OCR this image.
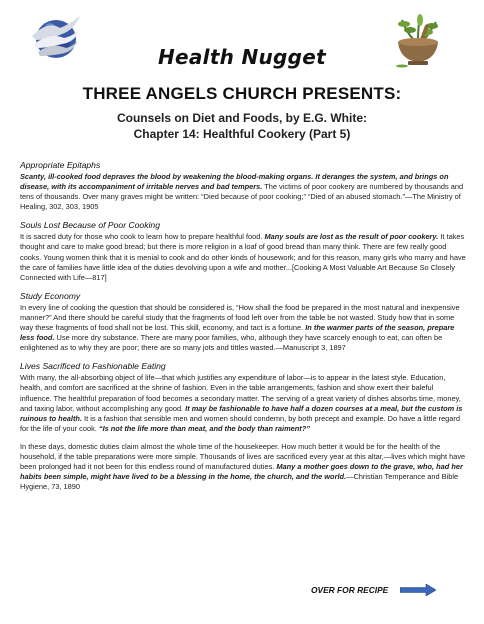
Health Nugget
THREE ANGELS CHURCH PRESENTS:
Counsels on Diet and Foods, by E.G. White:
Chapter 14: Healthful Cookery (Part 5)
Appropriate Epitaphs
Scanty, ill-cooked food depraves the blood by weakening the blood-making organs. It deranges the system, and brings on disease, with its accompaniment of irritable nerves and bad tempers. The victims of poor cookery are numbered by thousands and tens of thousands. Over many graves might be written: “Died because of poor cooking;” “Died of an abused stomach.”—The Ministry of Healing, 302, 303, 1905
Souls Lost Because of Poor Cooking
It is sacred duty for those who cook to learn how to prepare healthful food. Many souls are lost as the result of poor cookery. It takes thought and care to make good bread; but there is more religion in a loaf of good bread than many think. There are few really good cooks. Young women think that it is menial to cook and do other kinds of housework; and for this reason, many girls who marry and have the care of families have little idea of the duties devolving upon a wife and mother...[Cooking A Most Valuable Art Because So Closely Connected with Life—817]
Study Economy
In every line of cooking the question that should be considered is, “How shall the food be prepared in the most natural and inexpensive manner?” And there should be careful study that the fragments of food left over from the table be not wasted. Study how that in some way these fragments of food shall not be lost. This skill, economy, and tact is a fortune. In the warmer parts of the season, prepare less food. Use more dry substance. There are many poor families, who, although they have scarcely enough to eat, can often be enlightened as to why they are poor; there are so many jots and tittles wasted.—Manuscript 3, 1897
Lives Sacrificed to Fashionable Eating
With many, the all-absorbing object of life—that which justifies any expenditure of labor—is to appear in the latest style. Education, health, and comfort are sacrificed at the shrine of fashion. Even in the table arrangements, fashion and show exert their baleful influence. The healthful preparation of food becomes a secondary matter. The serving of a great variety of dishes absorbs time, money, and taxing labor, without accomplishing any good. It may be fashionable to have half a dozen courses at a meal, but the custom is ruinous to health. It is a fashion that sensible men and women should condemn, by both precept and example. Do have a little regard for the life of your cook. “Is not the life more than meat, and the body than raiment?”
In these days, domestic duties claim almost the whole time of the housekeeper. How much better it would be for the health of the household, if the table preparations were more simple. Thousands of lives are sacrificed every year at this altar,—lives which might have been prolonged had it not been for this endless round of manufactured duties. Many a mother goes down to the grave, who, had her habits been simple, might have lived to be a blessing in the home, the church, and the world.—Christian Temperance and Bible Hygiene, 73, 1890
OVER FOR RECIPE
